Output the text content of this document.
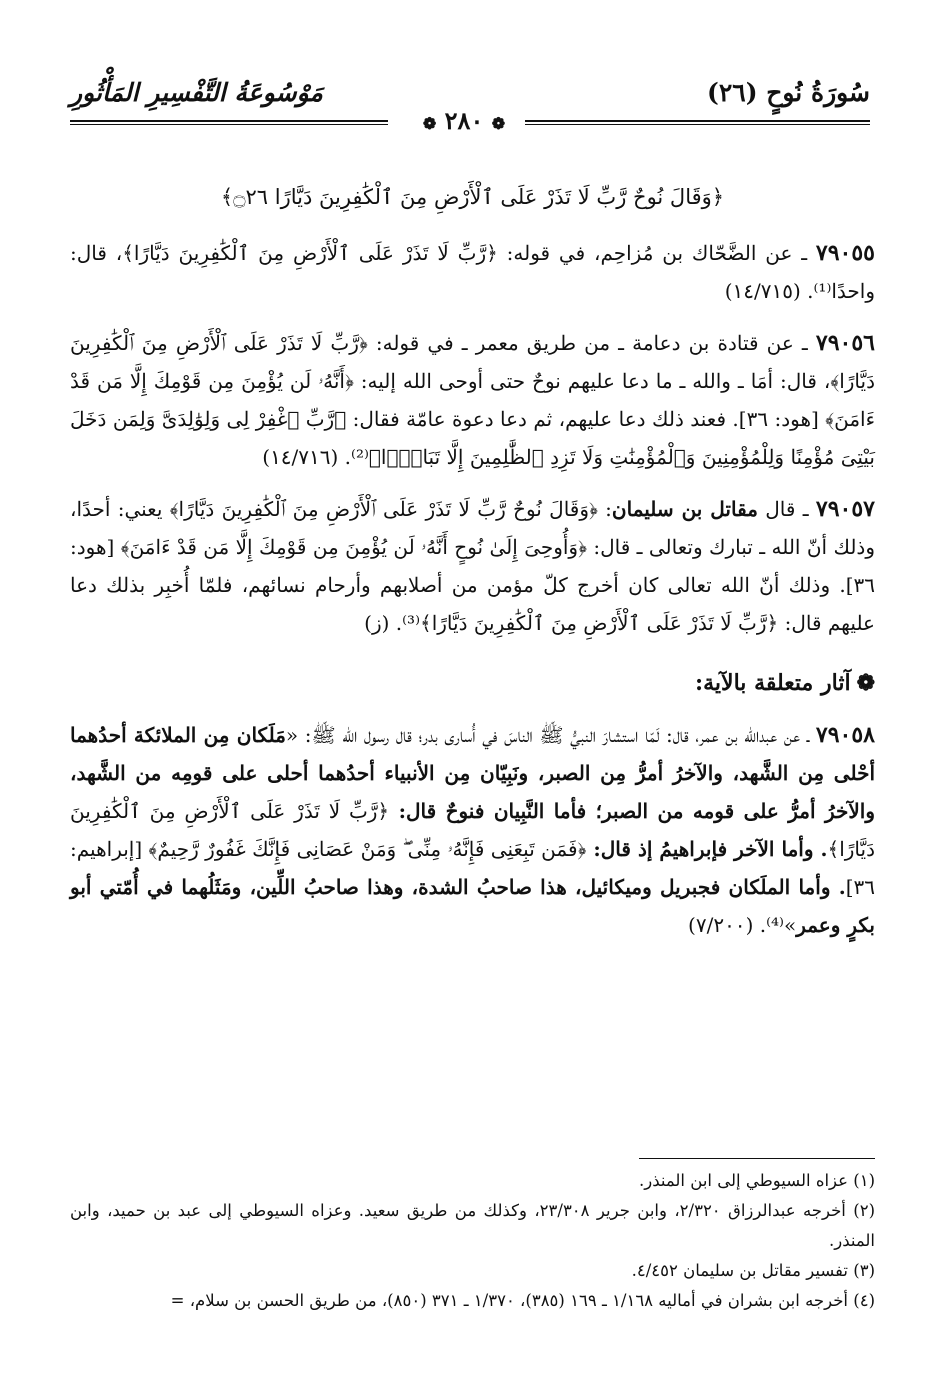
مَوْسُوعَةُ التَّفْسِيرِ المَأْثُورِ
❁ ٢٨٠ ❁
سُورَةُ نُوحٍ (٢٦)
﴿وَقَالَ نُوحٌ رَّبِّ لَا تَذَرْ عَلَى ٱلْأَرْضِ مِنَ ٱلْكَٰفِرِينَ دَيَّارًا ۝٢٦﴾

٧٩٠٥٥ ـ عن الضَّحّاك بن مُزاحِم، في قوله: ﴿رَّبِّ لَا تَذَرْ عَلَى ٱلْأَرْضِ مِنَ ٱلْكَٰفِرِينَ دَيَّارًا﴾، قال: واحدًا⁽¹⁾. (١٤/٧١٥)

٧٩٠٥٦ ـ عن قتادة بن دعامة ـ من طريق معمر ـ في قوله: ﴿رَّبِّ لَا تَذَرْ عَلَى ٱلْأَرْضِ مِنَ ٱلْكَٰفِرِينَ دَيَّارًا﴾، قال: أمَا ـ والله ـ ما دعا عليهم نوحٌ حتى أوحى الله إليه: ﴿أَنَّهُۥ لَن يُؤْمِنَ مِن قَوْمِكَ إِلَّا مَن قَدْ ءَامَنَ﴾ [هود: ٣٦]. فعند ذلك دعا عليهم، ثم دعا دعوة عامّة فقال: ﴿رَّبِّ ٱغْفِرْ لِى وَلِوَٰلِدَىَّ وَلِمَن دَخَلَ بَيْتِىَ مُؤْمِنًا وَلِلْمُؤْمِنِينَ وَٱلْمُؤْمِنَٰتِ وَلَا تَزِدِ ٱلظَّٰلِمِينَ إِلَّا تَبَارًۢا﴾⁽²⁾. (١٤/٧١٦)

٧٩٠٥٧ ـ قال مقاتل بن سليمان: ﴿وَقَالَ نُوحٌ رَّبِّ لَا تَذَرْ عَلَى ٱلْأَرْضِ مِنَ ٱلْكَٰفِرِينَ دَيَّارًا﴾ يعني: أحدًا، وذلك أنّ الله ـ تبارك وتعالى ـ قال: ﴿وَأُوحِىَ إِلَىٰ نُوحٍ أَنَّهُۥ لَن يُؤْمِنَ مِن قَوْمِكَ إِلَّا مَن قَدْ ءَامَنَ﴾ [هود: ٣٦]. وذلك أنّ الله تعالى كان أخرج كلّ مؤمن من أصلابهم وأرحام نسائهم، فلمّا أُخبِر بذلك دعا عليهم قال: ﴿رَّبِّ لَا تَذَرْ عَلَى ٱلْأَرْضِ مِنَ ٱلْكَٰفِرِينَ دَيَّارًا﴾⁽³⁾. (ز)

❁آثار متعلقة بالآية:

٧٩٠٥٨ ـ عن عبدالله بن عمر، قال: لَمّا استشارَ النبيُّ ﷺ الناسَ في أُسارى بدر؛ قال رسول الله ﷺ: «مَلَكان مِن الملائكة أحدُهما أحْلى مِن الشَّهد، والآخرُ أمرُّ مِن الصبر، ونَبِيّان مِن الأنبياء أحدُهما أحلى على قومِه من الشَّهد، والآخرُ أمرُّ على قومه من الصبر؛ فأما النَّبِيان فنوحٌ قال: ﴿رَّبِّ لَا تَذَرْ عَلَى ٱلْأَرْضِ مِنَ ٱلْكَٰفِرِينَ دَيَّارًا﴾. وأما الآخر فإبراهيمُ إذ قال: ﴿فَمَن تَبِعَنِى فَإِنَّهُۥ مِنِّى ۖ وَمَنْ عَصَانِى فَإِنَّكَ غَفُورٌ رَّحِيمٌ﴾ [إبراهيم: ٣٦]. وأما الملَكان فجبريل وميكائيل، هذا صاحبُ الشدة، وهذا صاحبُ اللِّين، ومَثَلُهما في أُمّتي أبو بكرٍ وعمر»⁽⁴⁾. (٧/٢٠٠)

(١) عزاه السيوطي إلى ابن المنذر.

(٢) أخرجه عبدالرزاق ٢/٣٢٠، وابن جرير ٢٣/٣٠٨، وكذلك من طريق سعيد. وعزاه السيوطي إلى عبد بن حميد، وابن المنذر.

(٣) تفسير مقاتل بن سليمان ٤/٤٥٢.

(٤) أخرجه ابن بشران في أماليه ١/١٦٨ ـ ١٦٩ (٣٨٥)، ١/٣٧٠ ـ ٣٧١ (٨٥٠)، من طريق الحسن بن سلام، =
